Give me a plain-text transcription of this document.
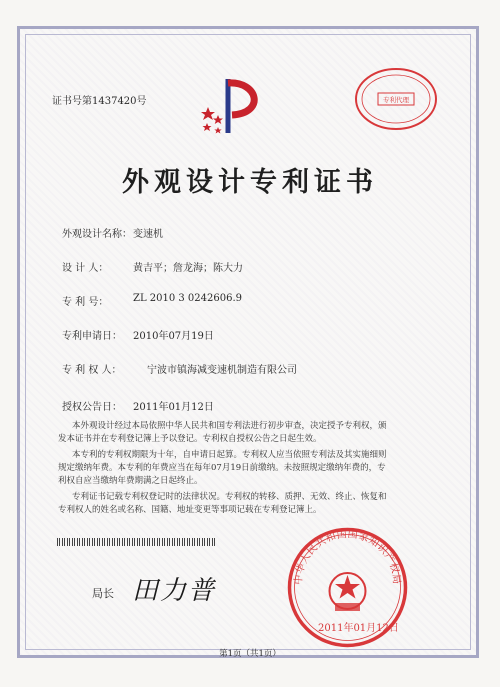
证书号第1437420号	专利代理
外观设计专利证书
外观设计名称： 变速机
设 计 人： 黄吉平；詹龙海；陈大力
专 利 号： ZL 2010 3 0242606.9
专利申请日： 2010年07月19日
专 利 权 人：	宁波市镇海减变速机制造有限公司
授权公告日： 2011年01月12日
本外观设计经过本局依照中华人民共和国专利法进行初步审查，决定授予专利权，颁
发本证书并在专利登记簿上予以登记。专利权自授权公告之日起生效。
本专利的专利权期限为十年，自申请日起算。专利权人应当依照专利法及其实施细则
规定缴纳年费。本专利的年费应当在每年07月19日前缴纳。未按照规定缴纳年费的，专
利权自应当缴纳年费期满之日起终止。
专利证书记载专利权登记时的法律状况。专利权的转移、质押、无效、终止、恢复和
专利权人的姓名或名称、国籍、地址变更等事项记载在专利登记簿上。
局长 田力普	中华人民共和国国家知识产权局
2011年01月12日
第1页（共1页）
